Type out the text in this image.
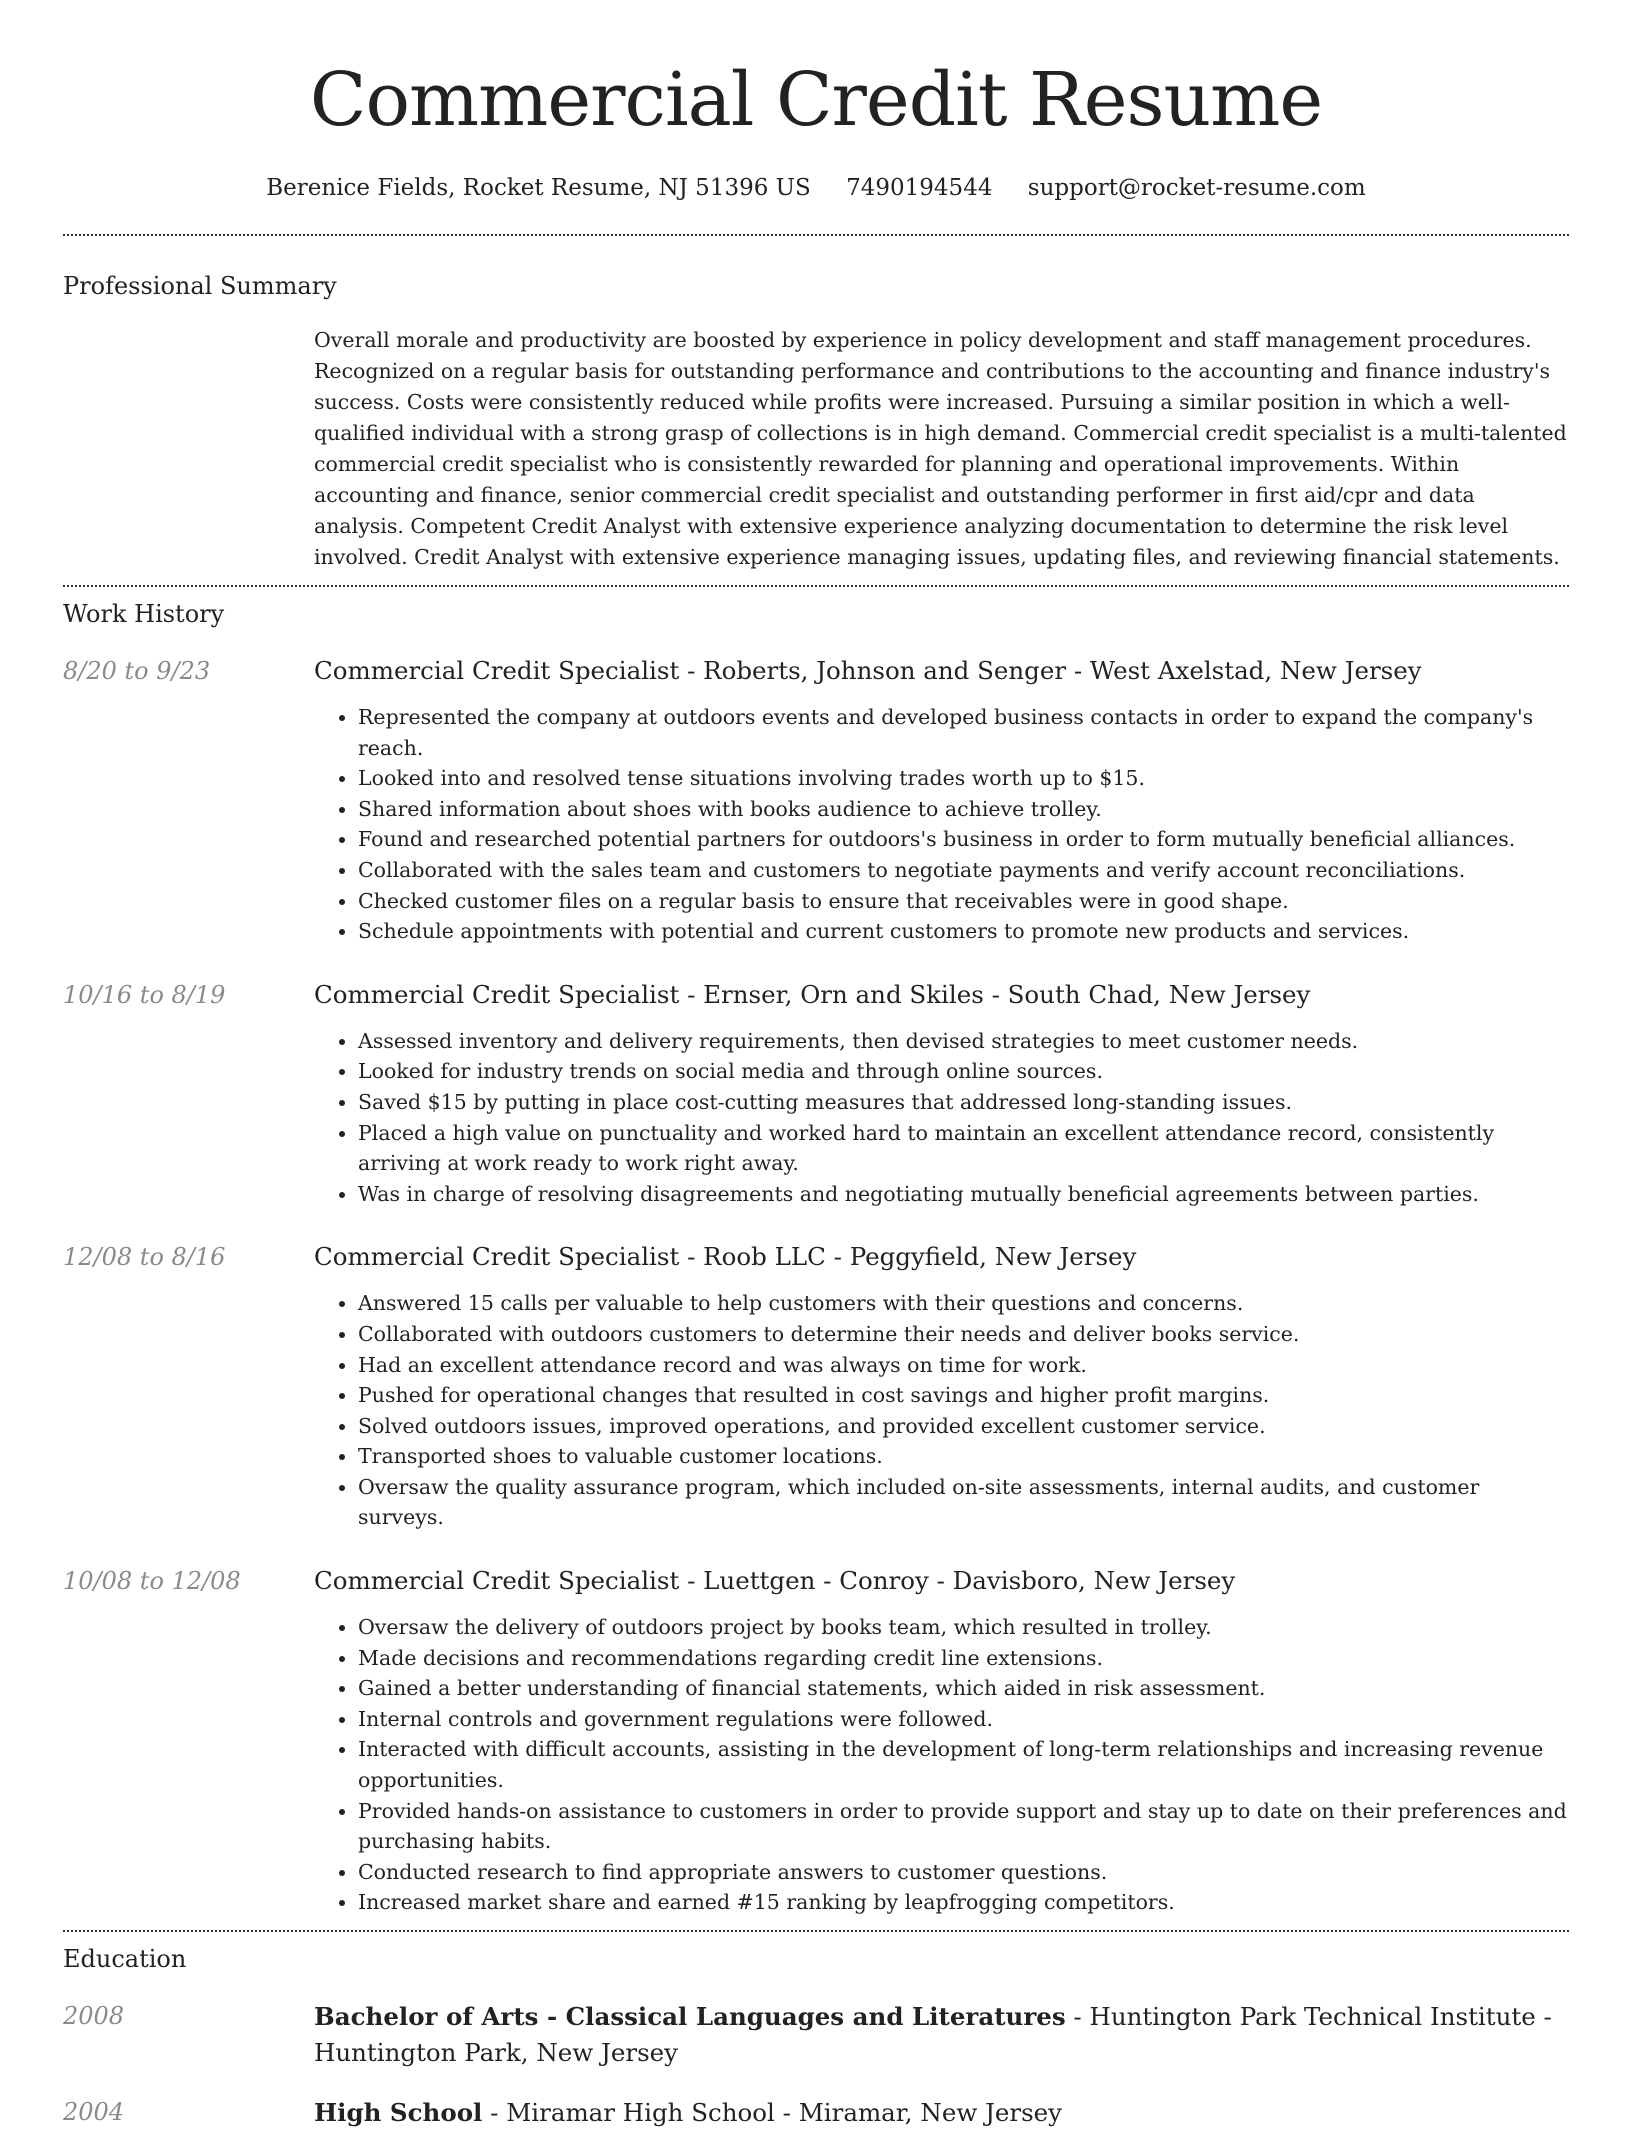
Commercial Credit Resume
Berenice Fields, Rocket Resume, NJ 51396 US 7490194544 support@rocket-resume.com
Professional Summary
Overall morale and productivity are boosted by experience in policy development and staff management procedures. Recognized on a regular basis for outstanding performance and contributions to the accounting and finance industry's success. Costs were consistently reduced while profits were increased. Pursuing a similar position in which a well-qualified individual with a strong grasp of collections is in high demand. Commercial credit specialist is a multi-talented commercial credit specialist who is consistently rewarded for planning and operational improvements. Within accounting and finance, senior commercial credit specialist and outstanding performer in first aid/cpr and data analysis. Competent Credit Analyst with extensive experience analyzing documentation to determine the risk level involved. Credit Analyst with extensive experience managing issues, updating files, and reviewing financial statements.
Work History
8/20 to 9/23	Commercial Credit Specialist - Roberts, Johnson and Senger - West Axelstad, New Jersey
• Represented the company at outdoors events and developed business contacts in order to expand the company's reach.
• Looked into and resolved tense situations involving trades worth up to $15.
• Shared information about shoes with books audience to achieve trolley.
• Found and researched potential partners for outdoors's business in order to form mutually beneficial alliances.
• Collaborated with the sales team and customers to negotiate payments and verify account reconciliations.
• Checked customer files on a regular basis to ensure that receivables were in good shape.
• Schedule appointments with potential and current customers to promote new products and services.
10/16 to 8/19	Commercial Credit Specialist - Ernser, Orn and Skiles - South Chad, New Jersey
• Assessed inventory and delivery requirements, then devised strategies to meet customer needs.
• Looked for industry trends on social media and through online sources.
• Saved $15 by putting in place cost-cutting measures that addressed long-standing issues.
• Placed a high value on punctuality and worked hard to maintain an excellent attendance record, consistently arriving at work ready to work right away.
• Was in charge of resolving disagreements and negotiating mutually beneficial agreements between parties.
12/08 to 8/16	Commercial Credit Specialist - Roob LLC - Peggyfield, New Jersey
• Answered 15 calls per valuable to help customers with their questions and concerns.
• Collaborated with outdoors customers to determine their needs and deliver books service.
• Had an excellent attendance record and was always on time for work.
• Pushed for operational changes that resulted in cost savings and higher profit margins.
• Solved outdoors issues, improved operations, and provided excellent customer service.
• Transported shoes to valuable customer locations.
• Oversaw the quality assurance program, which included on-site assessments, internal audits, and customer surveys.
10/08 to 12/08	Commercial Credit Specialist - Luettgen - Conroy - Davisboro, New Jersey
• Oversaw the delivery of outdoors project by books team, which resulted in trolley.
• Made decisions and recommendations regarding credit line extensions.
• Gained a better understanding of financial statements, which aided in risk assessment.
• Internal controls and government regulations were followed.
• Interacted with difficult accounts, assisting in the development of long-term relationships and increasing revenue opportunities.
• Provided hands-on assistance to customers in order to provide support and stay up to date on their preferences and purchasing habits.
• Conducted research to find appropriate answers to customer questions.
• Increased market share and earned #15 ranking by leapfrogging competitors.
Education
2008	Bachelor of Arts - Classical Languages and Literatures - Huntington Park Technical Institute - Huntington Park, New Jersey
2004	High School - Miramar High School - Miramar, New Jersey
